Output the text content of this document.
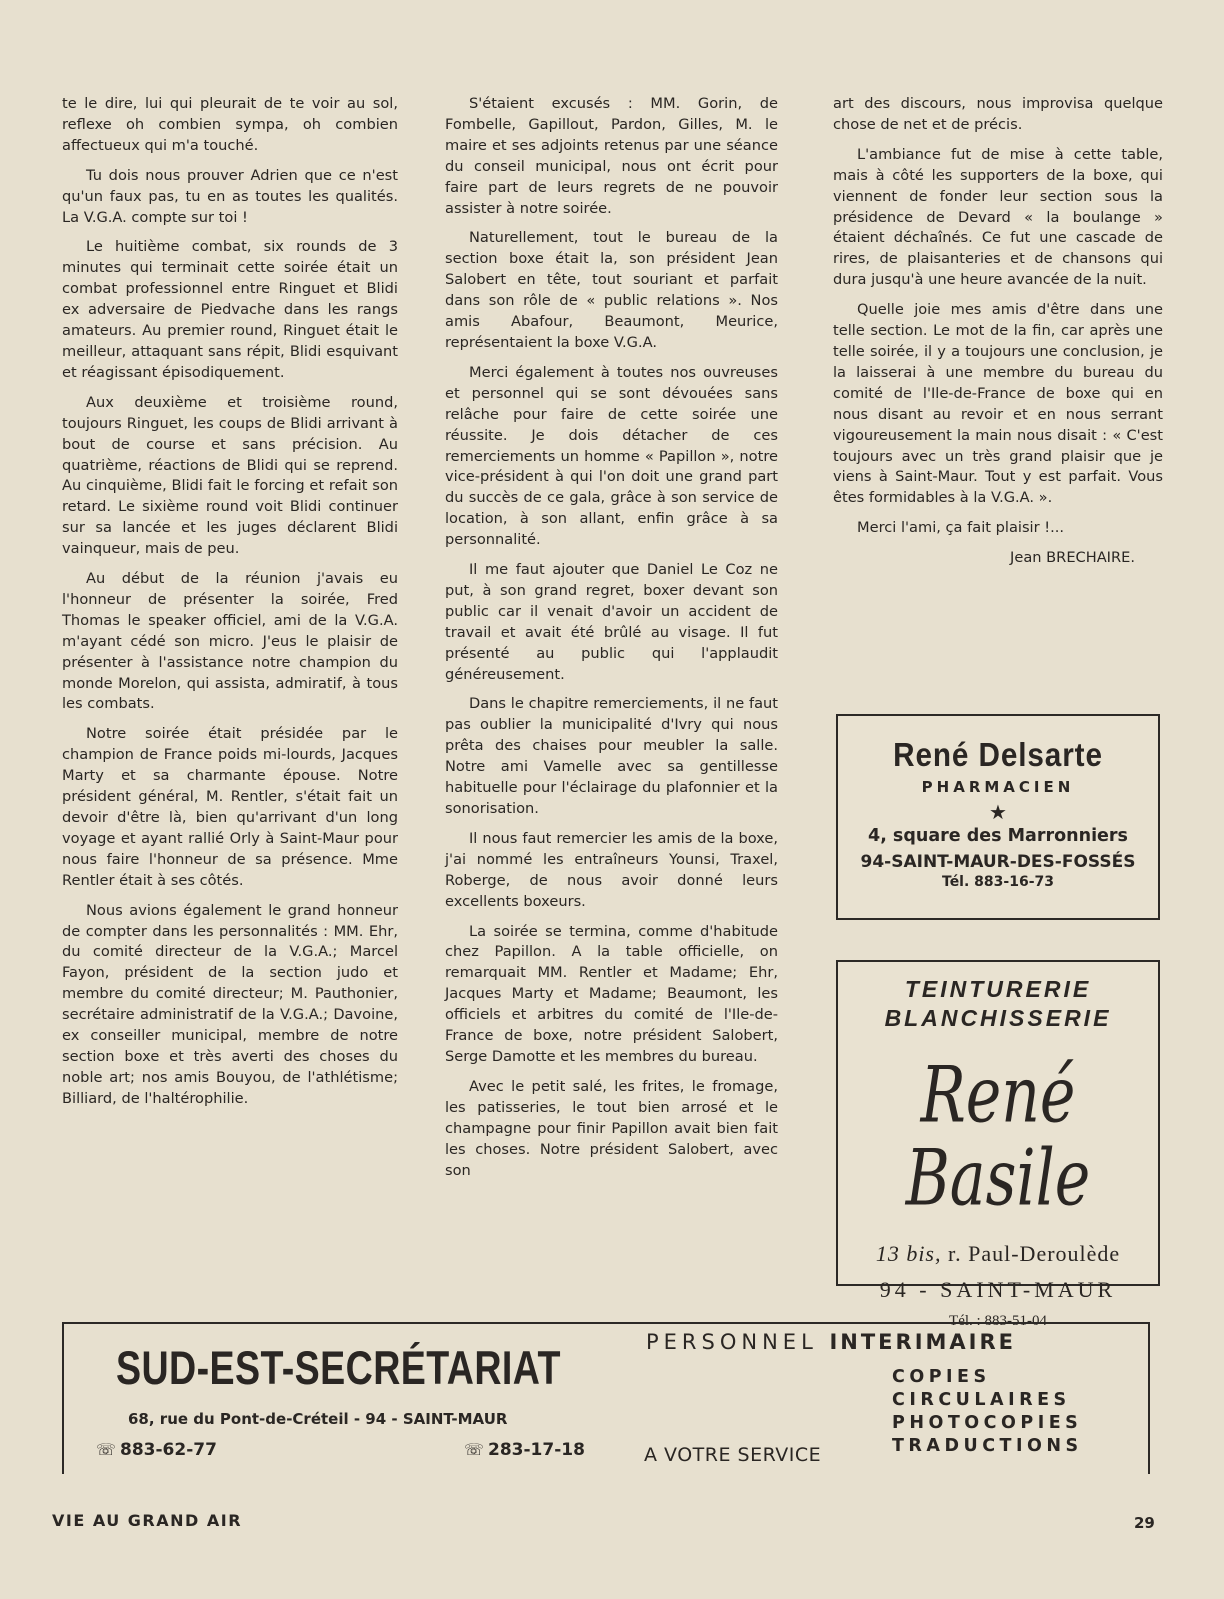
te le dire, lui qui pleurait de te voir au sol, reflexe oh combien sympa, oh combien affectueux qui m'a touché.

Tu dois nous prouver Adrien que ce n'est qu'un faux pas, tu en as toutes les qualités. La V.G.A. compte sur toi !

Le huitième combat, six rounds de 3 minutes qui terminait cette soirée était un combat professionnel entre Ringuet et Blidi ex adversaire de Piedvache dans les rangs amateurs. Au premier round, Ringuet était le meilleur, attaquant sans répit, Blidi esquivant et réagissant épisodiquement.

Aux deuxième et troisième round, toujours Ringuet, les coups de Blidi arrivant à bout de course et sans précision. Au quatrième, réactions de Blidi qui se reprend. Au cinquième, Blidi fait le forcing et refait son retard. Le sixième round voit Blidi continuer sur sa lancée et les juges déclarent Blidi vainqueur, mais de peu.

Au début de la réunion j'avais eu l'honneur de présenter la soirée, Fred Thomas le speaker officiel, ami de la V.G.A. m'ayant cédé son micro. J'eus le plaisir de présenter à l'assistance notre champion du monde Morelon, qui assista, admiratif, à tous les combats.

Notre soirée était présidée par le champion de France poids mi-lourds, Jacques Marty et sa charmante épouse. Notre président général, M. Rentler, s'était fait un devoir d'être là, bien qu'arrivant d'un long voyage et ayant rallié Orly à Saint-Maur pour nous faire l'honneur de sa présence. Mme Rentler était à ses côtés.

Nous avions également le grand honneur de compter dans les personnalités : MM. Ehr, du comité directeur de la V.G.A.; Marcel Fayon, président de la section judo et membre du comité directeur; M. Pauthonier, secrétaire administratif de la V.G.A.; Davoine, ex conseiller municipal, membre de notre section boxe et très averti des choses du noble art; nos amis Bouyou, de l'athlétisme; Billiard, de l'haltérophilie.

S'étaient excusés : MM. Gorin, de Fombelle, Gapillout, Pardon, Gilles, M. le maire et ses adjoints retenus par une séance du conseil municipal, nous ont écrit pour faire part de leurs regrets de ne pouvoir assister à notre soirée.

Naturellement, tout le bureau de la section boxe était la, son président Jean Salobert en tête, tout souriant et parfait dans son rôle de « public relations ». Nos amis Abafour, Beaumont, Meurice, représentaient la boxe V.G.A.

Merci également à toutes nos ouvreuses et personnel qui se sont dévouées sans relâche pour faire de cette soirée une réussite. Je dois détacher de ces remerciements un homme « Papillon », notre vice-président à qui l'on doit une grand part du succès de ce gala, grâce à son service de location, à son allant, enfin grâce à sa personnalité.

Il me faut ajouter que Daniel Le Coz ne put, à son grand regret, boxer devant son public car il venait d'avoir un accident de travail et avait été brûlé au visage. Il fut présenté au public qui l'applaudit généreusement.

Dans le chapitre remerciements, il ne faut pas oublier la municipalité d'Ivry qui nous prêta des chaises pour meubler la salle. Notre ami Vamelle avec sa gentillesse habituelle pour l'éclairage du plafonnier et la sonorisation.

Il nous faut remercier les amis de la boxe, j'ai nommé les entraîneurs Younsi, Traxel, Roberge, de nous avoir donné leurs excellents boxeurs.

La soirée se termina, comme d'habitude chez Papillon. A la table officielle, on remarquait MM. Rentler et Madame; Ehr, Jacques Marty et Madame; Beaumont, les officiels et arbitres du comité de l'Ile-de-France de boxe, notre président Salobert, Serge Damotte et les membres du bureau.

Avec le petit salé, les frites, le fromage, les patisseries, le tout bien arrosé et le champagne pour finir Papillon avait bien fait les choses. Notre président Salobert, avec son

art des discours, nous improvisa quelque chose de net et de précis.

L'ambiance fut de mise à cette table, mais à côté les supporters de la boxe, qui viennent de fonder leur section sous la présidence de Devard « la boulange » étaient déchaînés. Ce fut une cascade de rires, de plaisanteries et de chansons qui dura jusqu'à une heure avancée de la nuit.

Quelle joie mes amis d'être dans une telle section. Le mot de la fin, car après une telle soirée, il y a toujours une conclusion, je la laisserai à une membre du bureau du comité de l'Ile-de-France de boxe qui en nous disant au revoir et en nous serrant vigoureusement la main nous disait : « C'est toujours avec un très grand plaisir que je viens à Saint-Maur. Tout y est parfait. Vous êtes formidables à la V.G.A. ».

Merci l'ami, ça fait plaisir !...

Jean BRECHAIRE.

René Delsarte
PHARMACIEN
★
4, square des Marronniers
94-SAINT-MAUR-DES-FOSSÉS
Tél. 883-16-73
TEINTURERIE
BLANCHISSERIE
René Basile
13 bis, r. Paul-Deroulède
94 - SAINT-MAUR
Tél. : 883-51-04
SUD-EST-SECRÉTARIAT
68, rue du Pont-de-Créteil - 94 - SAINT-MAUR
☏ 883-62-77	☏ 283-17-18
PERSONNEL INTERIMAIRE
COPIES
CIRCULAIRES
PHOTOCOPIES
TRADUCTIONS
A VOTRE SERVICE
VIE AU GRAND AIR	29
